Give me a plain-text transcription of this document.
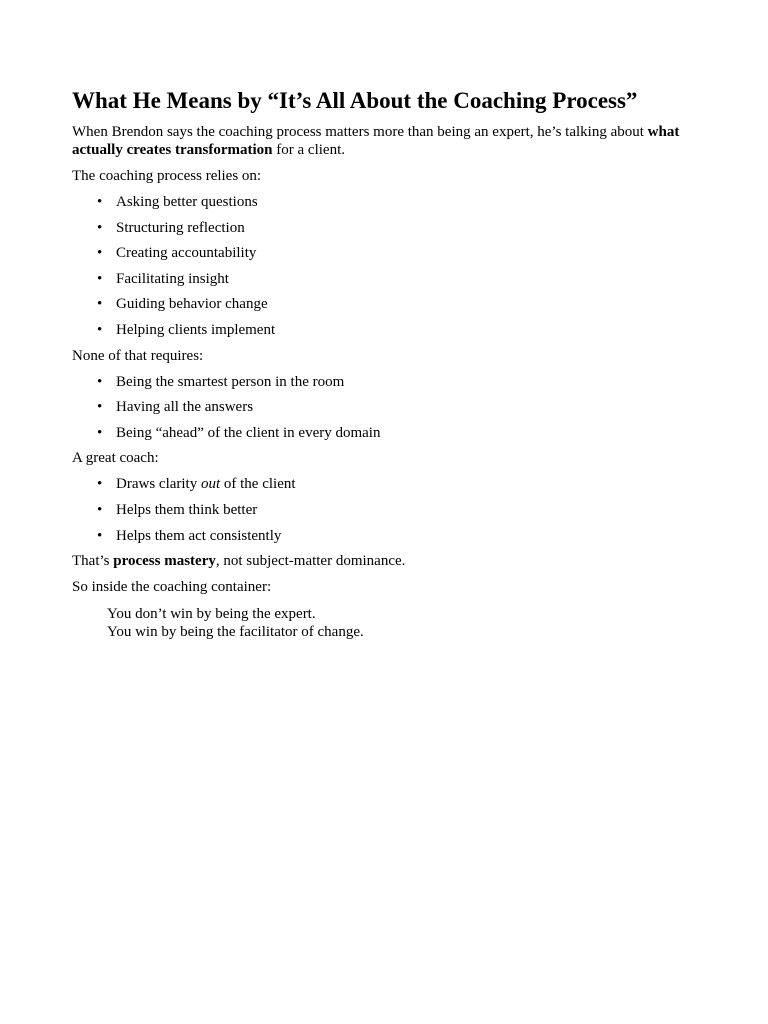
What He Means by “It’s All About the Coaching Process”

When Brendon says the coaching process matters more than being an expert, he’s talking about what actually creates transformation for a client.

The coaching process relies on:

• Asking better questions
• Structuring reflection
• Creating accountability
• Facilitating insight
• Guiding behavior change
• Helping clients implement

None of that requires:

• Being the smartest person in the room
• Having all the answers
• Being “ahead” of the client in every domain

A great coach:

• Draws clarity out of the client
• Helps them think better
• Helps them act consistently

That’s process mastery, not subject-matter dominance.

So inside the coaching container:

You don’t win by being the expert.
You win by being the facilitator of change.
